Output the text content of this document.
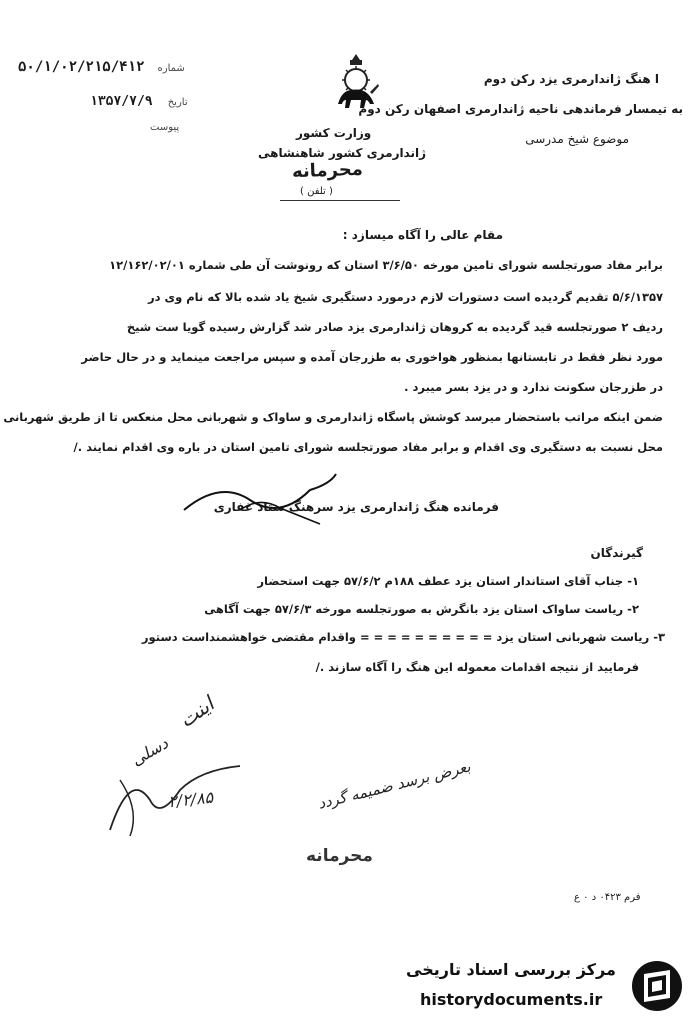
۵۰/۱/۰۲/۲۱۵/۴۱۲ شماره
۱۳۵۷/۷/۹ تاریخ
پیوست
ا هنگ ژاندارمری یزد رکن دوم
به تیمسار فرماندهی ناحیه ژاندارمری اصفهان رکن دوم
موضوع شیخ مدرسی
وزارت کشور
ژاندارمری کشور شاهنشاهی
محرمانه
( تلفن )
مقام عالی را آگاه میسازد :
برابر مفاد صورتجلسه شورای تامین مورخه ۳/۶/۵۰ استان که رونوشت آن طی شماره ۱۲/۱۶۲/۰۲/۰۱
۵/۶/۱۳۵۷ تقدیم گردیده است دستورات لازم درمورد دستگیری شیخ یاد شده بالا که نام وی در
ردیف ۲ صورتجلسه قید گردیده به کروهان ژاندارمری یزد صادر شد گزارش رسیده گویا ست شیخ
مورد نظر فقط در تابستانها بمنظور هواخوری به طزرجان آمده و سپس مراجعت مینماید و در حال حاضر
در طزرجان سکونت ندارد و در یزد بسر میبرد .
ضمن اینکه مراتب باستحضار میرسد کوشش پاسگاه ژاندارمری و ساواک و شهربانی محل منعکس تا از طریق شهربانی
محل نسبت به دستگیری وی اقدام و برابر مفاد صورتجلسه شورای تامین استان در باره وی اقدام نمایند ./
فرمانده هنگ ژاندارمری یزد سرهنگ ستاد غفاری
گیرندگان
۱- جناب آقای استاندار استان یزد عطف ۱۸۸م ۵۷/۶/۲ جهت استحضار
۲- ریاست ساواک استان یزد بانگرش به صورتجلسه مورخه ۵۷/۶/۳ جهت آگاهی
۳- ریاست شهربانی استان یزد = = = = = = = = = = واقدام مقتضی خواهشمنداست دستور
فرمایید از نتیجه اقدامات معموله این هنگ را آگاه سازند ./
اینت
دسلی
۲/۲/۸۵	بعرض برسد ضمیمه گردد
محرمانه
فرم ۰۴۲۳ د ۰ ع
مرکز بررسی اسناد تاریخی
historydocuments.ir
